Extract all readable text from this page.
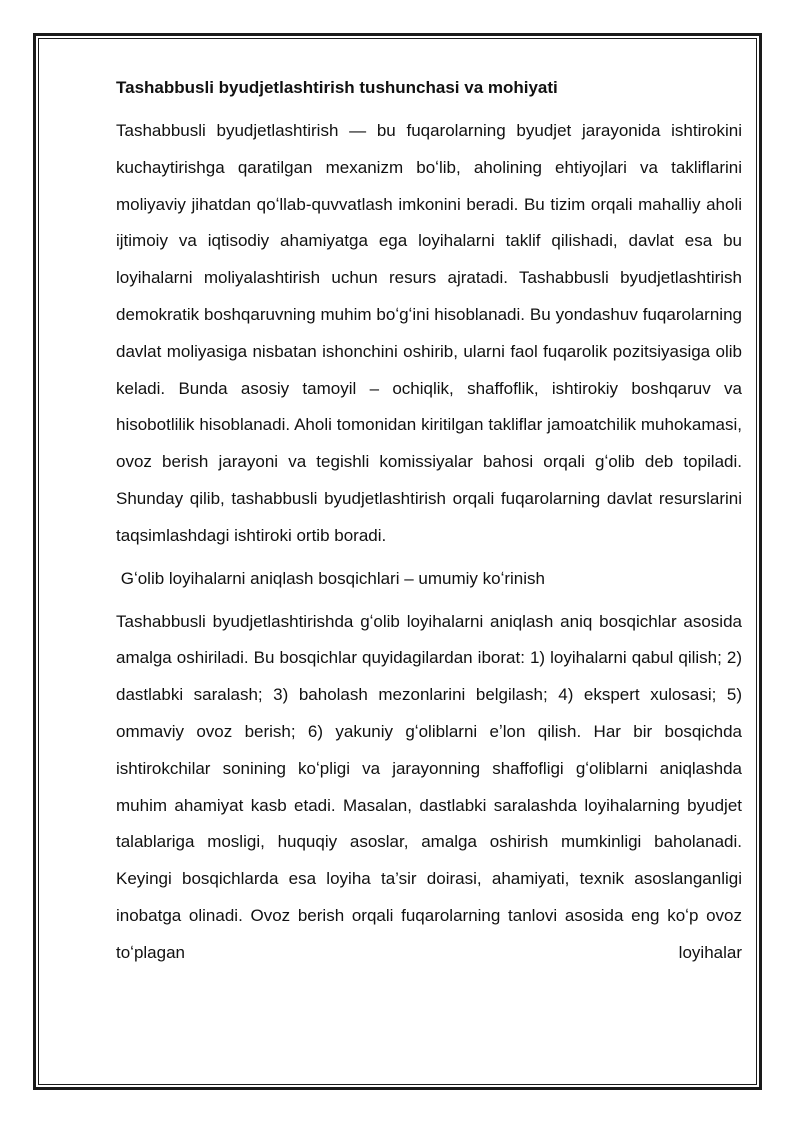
Tashabbusli byudjetlashtirish tushunchasi va mohiyati

Tashabbusli byudjetlashtirish — bu fuqarolarning byudjet jarayonida ishtirokini kuchaytirishga qaratilgan mexanizm boʻlib, aholining ehtiyojlari va takliflarini moliyaviy jihatdan qoʻllab-quvvatlash imkonini beradi. Bu tizim orqali mahalliy aholi ijtimoiy va iqtisodiy ahamiyatga ega loyihalarni taklif qilishadi, davlat esa bu loyihalarni moliyalashtirish uchun resurs ajratadi. Tashabbusli byudjetlashtirish demokratik boshqaruvning muhim boʻgʻini hisoblanadi. Bu yondashuv fuqarolarning davlat moliyasiga nisbatan ishonchini oshirib, ularni faol fuqarolik pozitsiyasiga olib keladi. Bunda asosiy tamoyil – ochiqlik, shaffoflik, ishtirokiy boshqaruv va hisobotlilik hisoblanadi. Aholi tomonidan kiritilgan takliflar jamoatchilik muhokamasi, ovoz berish jarayoni va tegishli komissiyalar bahosi orqali gʻolib deb topiladi. Shunday qilib, tashabbusli byudjetlashtirish orqali fuqarolarning davlat resurslarini taqsimlashdagi ishtiroki ortib boradi.

Gʻolib loyihalarni aniqlash bosqichlari – umumiy koʻrinish

Tashabbusli byudjetlashtirishda gʻolib loyihalarni aniqlash aniq bosqichlar asosida amalga oshiriladi. Bu bosqichlar quyidagilardan iborat: 1) loyihalarni qabul qilish; 2) dastlabki saralash; 3) baholash mezonlarini belgilash; 4) ekspert xulosasi; 5) ommaviy ovoz berish; 6) yakuniy gʻoliblarni eʼlon qilish. Har bir bosqichda ishtirokchilar sonining koʻpligi va jarayonning shaffofligi gʻoliblarni aniqlashda muhim ahamiyat kasb etadi. Masalan, dastlabki saralashda loyihalarning byudjet talablariga mosligi, huquqiy asoslar, amalga oshirish mumkinligi baholanadi. Keyingi bosqichlarda esa loyiha ta’sir doirasi, ahamiyati, texnik asoslanganligi inobatga olinadi. Ovoz berish orqali fuqarolarning tanlovi asosida eng koʻp ovoz toʻplagan loyihalar
